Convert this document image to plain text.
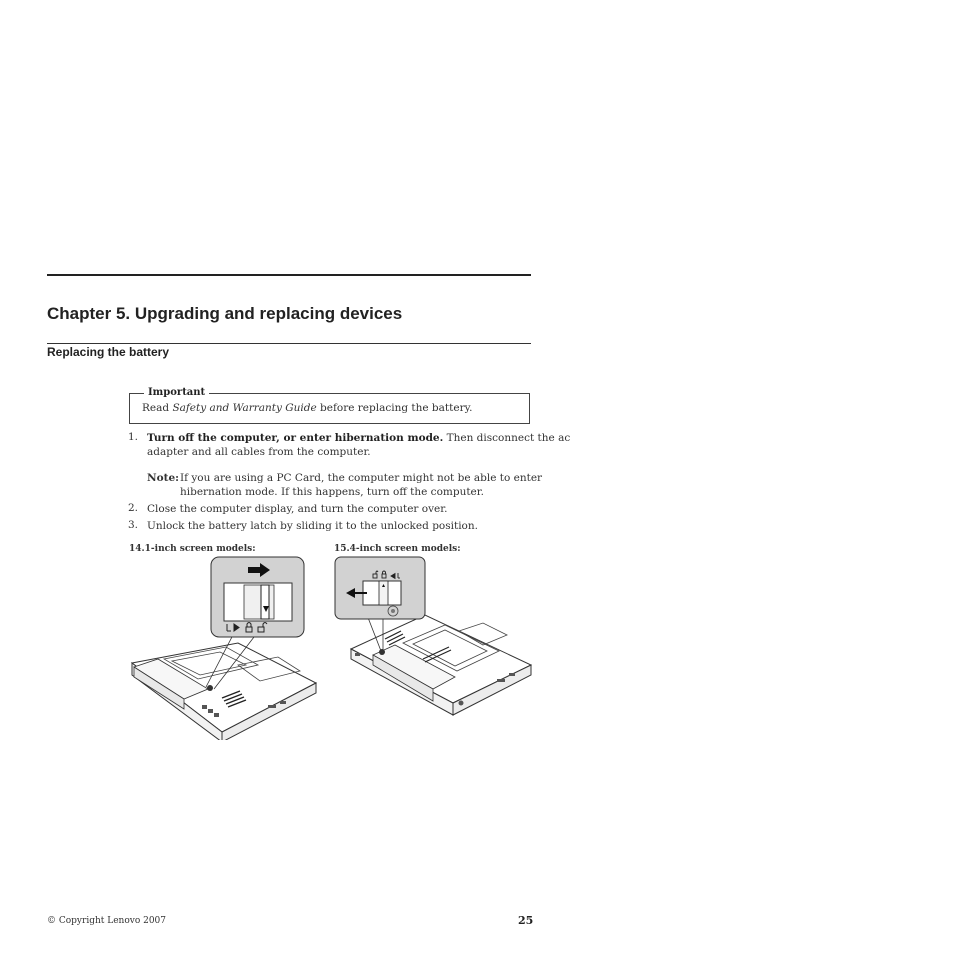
Chapter 5. Upgrading and replacing devices
Replacing the battery
Important
Read Safety and Warranty Guide before replacing the battery.
1. Turn off the computer, or enter hibernation mode. Then disconnect the ac
adapter and all cables from the computer.
Note: If you are using a PC Card, the computer might not be able to enter
hibernation mode. If this happens, turn off the computer.
2. Close the computer display, and turn the computer over.
3. Unlock the battery latch by sliding it to the unlocked position.
14.1-inch screen models:	15.4-inch screen models:
© Copyright Lenovo 2007	25
